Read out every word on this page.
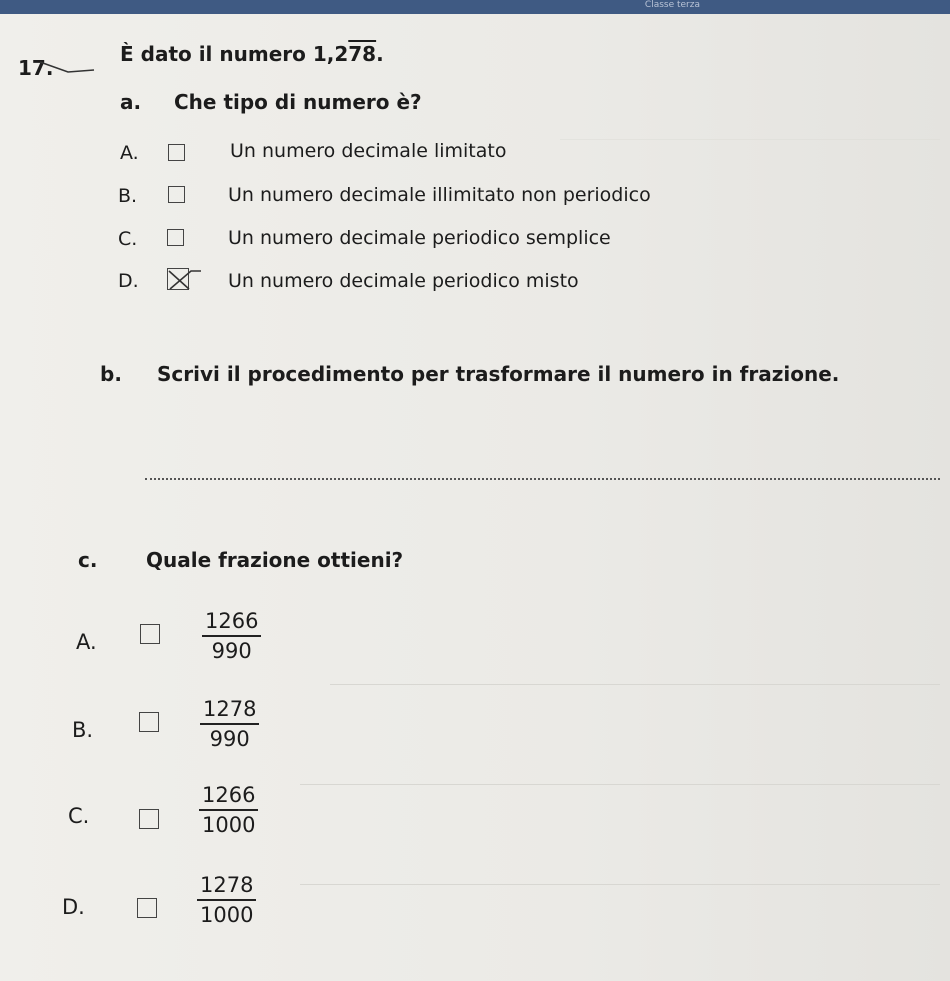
Classe terza
17.
È dato il numero 1,278.
a. Che tipo di numero è?
A.	Un numero decimale limitato
B.	Un numero decimale illimitato non periodico
C.	Un numero decimale periodico semplice
D.	Un numero decimale periodico misto
b. Scrivi il procedimento per trasformare il numero in frazione.
c. Quale frazione ottieni?
A.
1266
990
B.
1278
990
C.
1266
1000
D.
1278
1000
